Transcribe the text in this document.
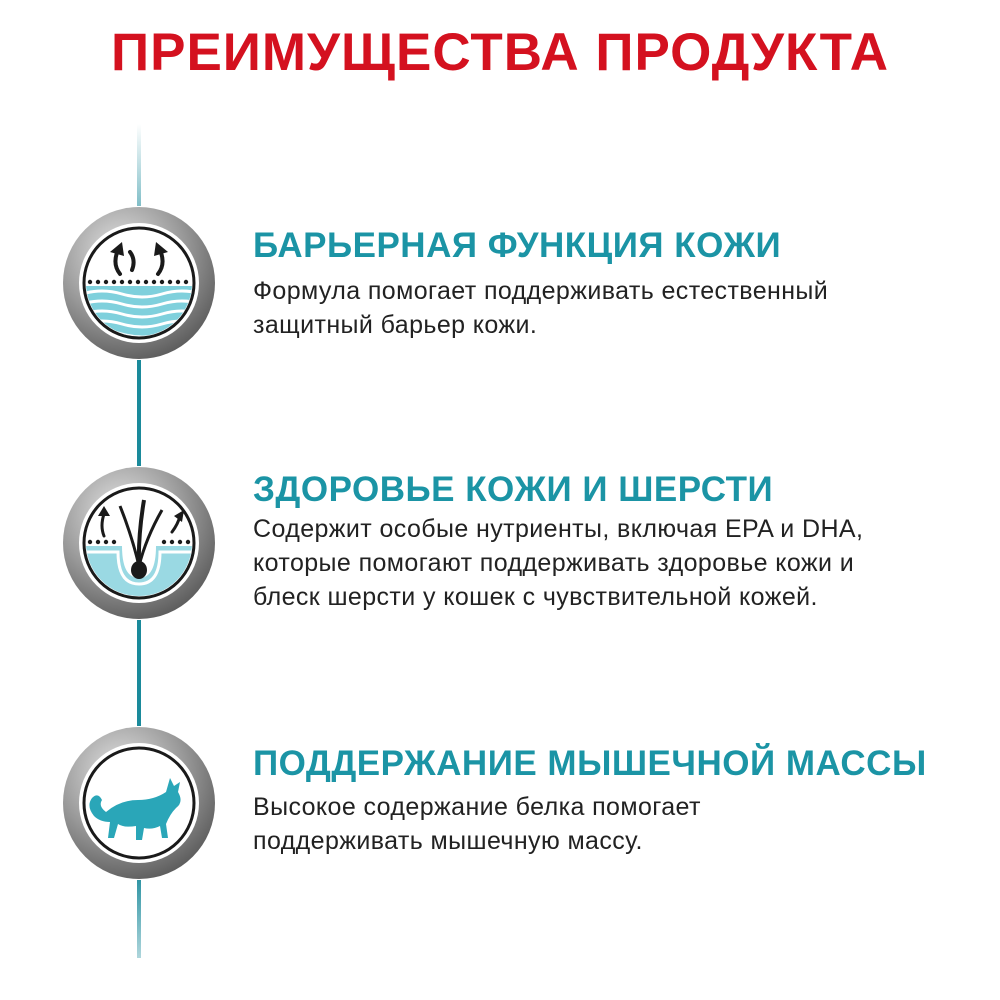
ПРЕИМУЩЕСТВА ПРОДУКТА
БАРЬЕРНАЯ ФУНКЦИЯ КОЖИ

Формула помогает поддерживать естественный
защитный барьер кожи.

ЗДОРОВЬЕ КОЖИ И ШЕРСТИ

Содержит особые нутриенты, включая EPA и DHA,
которые помогают поддерживать здоровье кожи и
блеск шерсти у кошек с чувствительной кожей.

ПОДДЕРЖАНИЕ МЫШЕЧНОЙ МАССЫ

Высокое содержание белка помогает
поддерживать мышечную массу.
